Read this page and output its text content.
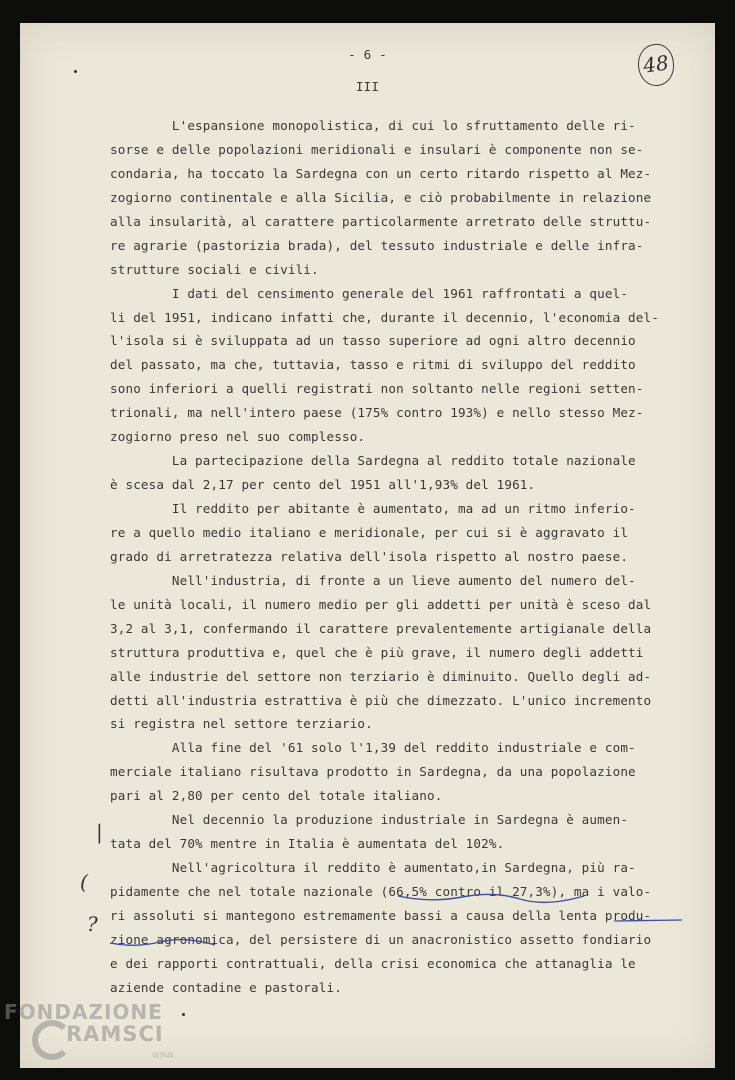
- 6 -
III
48
L'espansione monopolistica, di cui lo sfruttamento delle ri-
sorse e delle popolazioni meridionali e insulari è componente non se-
condaria, ha toccato la Sardegna con un certo ritardo rispetto al Mez-
zogiorno continentale e alla Sicilia, e ciò probabilmente in relazione
alla insularità, al carattere particolarmente arretrato delle struttu-
re agrarie (pastorizia brada), del tessuto industriale e delle infra-
strutture sociali e civili.
I dati del censimento generale del 1961 raffrontati a quel-
li del 1951, indicano infatti che, durante il decennio, l'economia del-
l'isola si è sviluppata ad un tasso superiore ad ogni altro decennio
del passato, ma che, tuttavia, tasso e ritmi di sviluppo del reddito
sono inferiori a quelli registrati non soltanto nelle regioni setten-
trionali, ma nell'intero paese (175% contro 193%) e nello stesso Mez-
zogiorno preso nel suo complesso.
La partecipazione della Sardegna al reddito totale nazionale
è scesa dal 2,17 per cento del 1951 all'1,93% del 1961.
Il reddito per abitante è aumentato, ma ad un ritmo inferio-
re a quello medio italiano e meridionale, per cui si è aggravato il
grado di arretratezza relativa dell'isola rispetto al nostro paese.
Nell'industria, di fronte a un lieve aumento del numero del-
le unità locali, il numero medio per gli addetti per unità è sceso dal
3,2 al 3,1, confermando il carattere prevalentemente artigianale della
struttura produttiva e, quel che è più grave, il numero degli addetti
alle industrie del settore non terziario è diminuito. Quello degli ad-
detti all'industria estrattiva è più che dimezzato. L'unico incremento
si registra nel settore terziario.
Alla fine del '61 solo l'1,39 del reddito industriale e com-
merciale italiano risultava prodotto in Sardegna, da una popolazione
pari al 2,80 per cento del totale italiano.
Nel decennio la produzione industriale in Sardegna è aumen-
tata del 70% mentre in Italia è aumentata del 102%.
Nell'agricoltura il reddito è aumentato,in Sardegna, più ra-
pidamente che nel totale nazionale (66,5% contro il 27,3%), ma i valo-
ri assoluti si mantegono estremamente bassi a causa della lenta produ-
zione agronomica, del persistere di un anacronistico assetto fondiario
e dei rapporti contrattuali, della crisi economica che attanaglia le
aziende contadine e pastorali.
|
(
?
FONDAZIONE
RAMSCI
onlus
